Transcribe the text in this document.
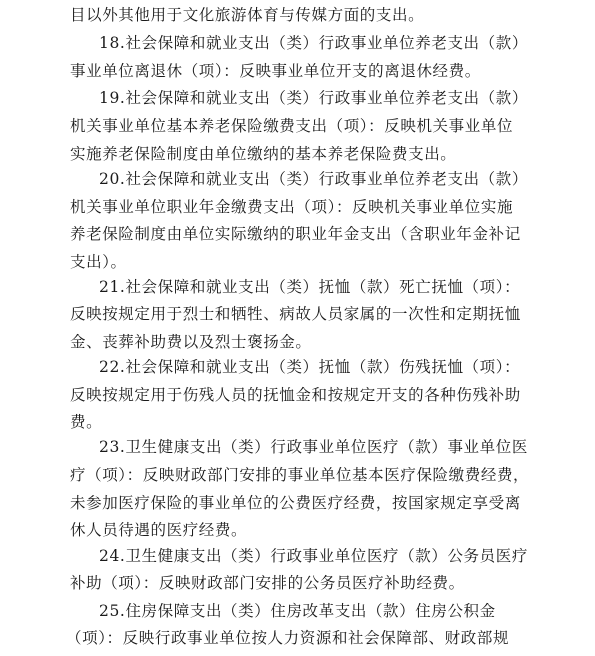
目以外其他用于文化旅游体育与传媒方面的支出。
18.社会保障和就业支出（类）行政事业单位养老支出（款）
事业单位离退休（项）：反映事业单位开支的离退休经费。
19.社会保障和就业支出（类）行政事业单位养老支出（款）
机关事业单位基本养老保险缴费支出（项）：反映机关事业单位
实施养老保险制度由单位缴纳的基本养老保险费支出。
20.社会保障和就业支出（类）行政事业单位养老支出（款）
机关事业单位职业年金缴费支出（项）：反映机关事业单位实施
养老保险制度由单位实际缴纳的职业年金支出（含职业年金补记
支出）。
21.社会保障和就业支出（类）抚恤（款）死亡抚恤（项）：
反映按规定用于烈士和牺牲、病故人员家属的一次性和定期抚恤
金、丧葬补助费以及烈士褒扬金。
22.社会保障和就业支出（类）抚恤（款）伤残抚恤（项）：
反映按规定用于伤残人员的抚恤金和按规定开支的各种伤残补助
费。
23.卫生健康支出（类）行政事业单位医疗（款）事业单位医
疗（项）：反映财政部门安排的事业单位基本医疗保险缴费经费，
未参加医疗保险的事业单位的公费医疗经费，按国家规定享受离
休人员待遇的医疗经费。
24.卫生健康支出（类）行政事业单位医疗（款）公务员医疗
补助（项）：反映财政部门安排的公务员医疗补助经费。
25.住房保障支出（类）住房改革支出（款）住房公积金
（项）：反映行政事业单位按人力资源和社会保障部、财政部规
